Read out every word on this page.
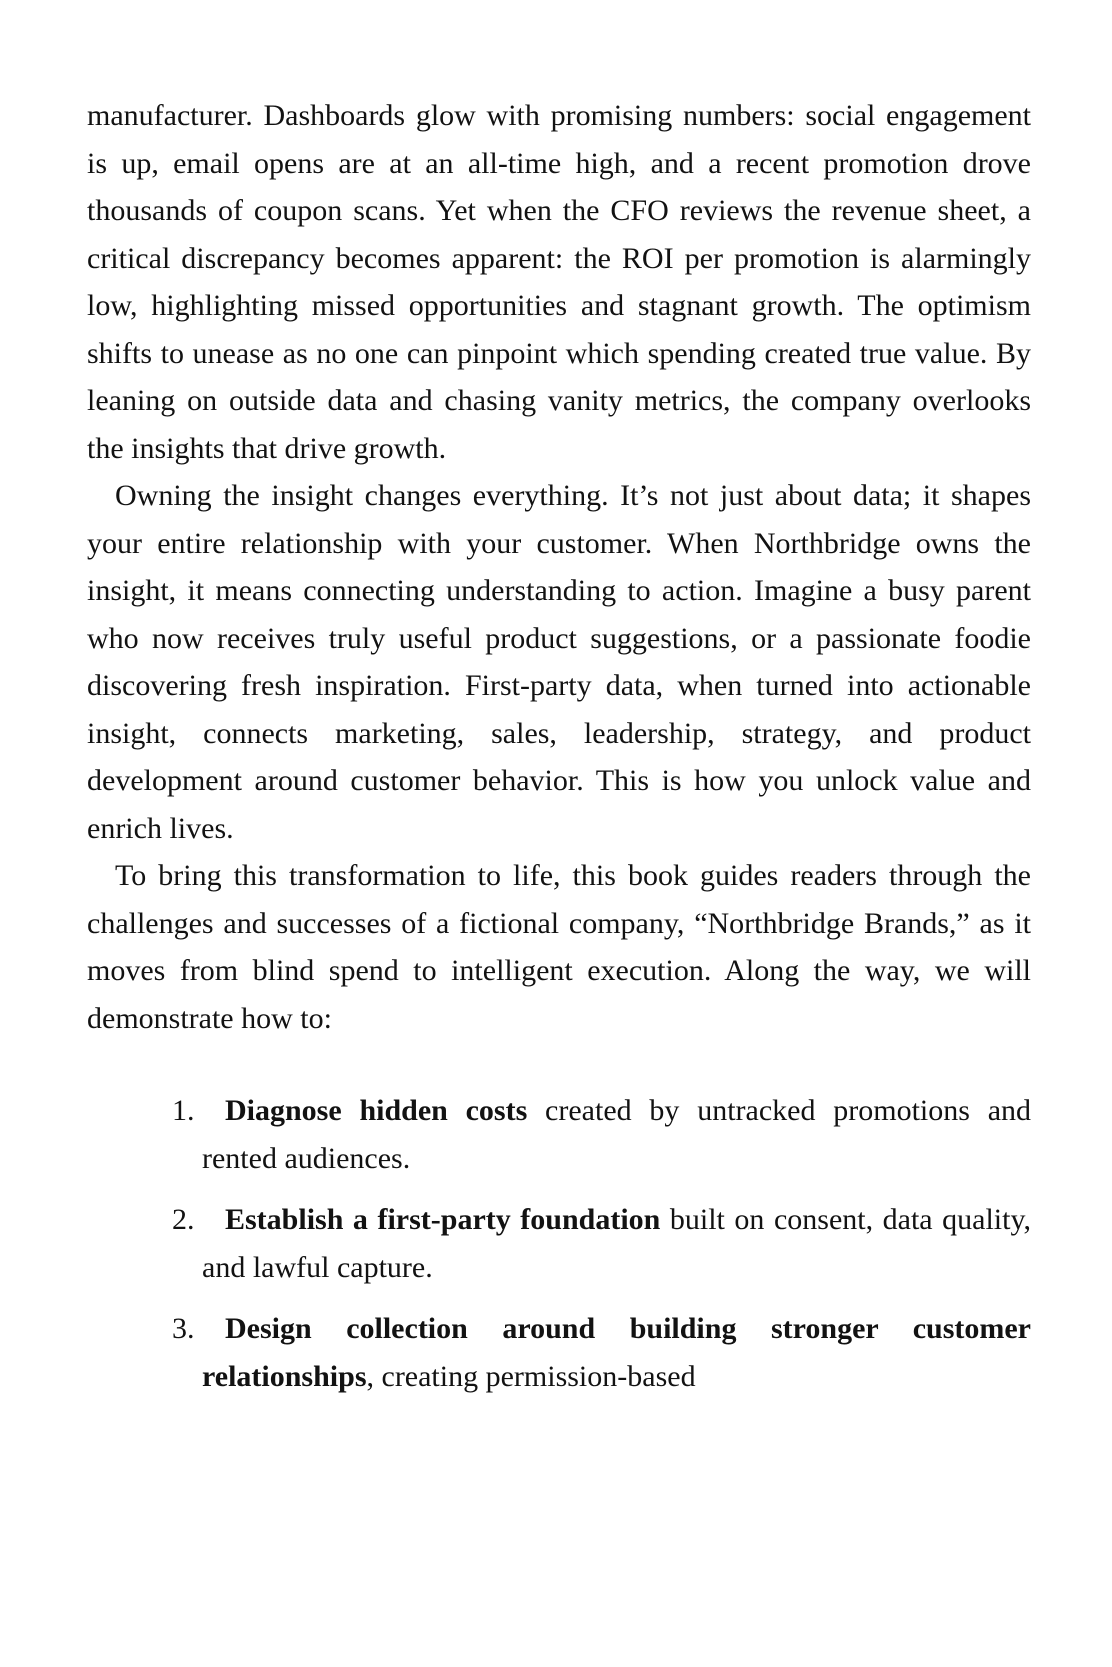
manufacturer. Dashboards glow with promising numbers: social engagement is up, email opens are at an all-time high, and a recent promotion drove thousands of coupon scans. Yet when the CFO reviews the revenue sheet, a critical discrepancy becomes apparent: the ROI per promotion is alarmingly low, highlighting missed opportunities and stagnant growth. The optimism shifts to unease as no one can pinpoint which spending created true value. By leaning on outside data and chasing vanity metrics, the company overlooks the insights that drive growth.

Owning the insight changes everything. It’s not just about data; it shapes your entire relationship with your customer. When Northbridge owns the insight, it means connecting understanding to action. Imagine a busy parent who now receives truly useful product suggestions, or a passionate foodie discovering fresh inspiration. First-party data, when turned into actionable insight, connects marketing, sales, leadership, strategy, and product development around customer behavior. This is how you unlock value and enrich lives.

To bring this transformation to life, this book guides readers through the challenges and successes of a fictional company, “Northbridge Brands,” as it moves from blind spend to intelligent execution. Along the way, we will demonstrate how to:

1. Diagnose hidden costs created by untracked promotions and rented audiences.
2. Establish a first-party foundation built on consent, data quality, and lawful capture.
3. Design collection around building stronger customer relationships, creating permission-based
